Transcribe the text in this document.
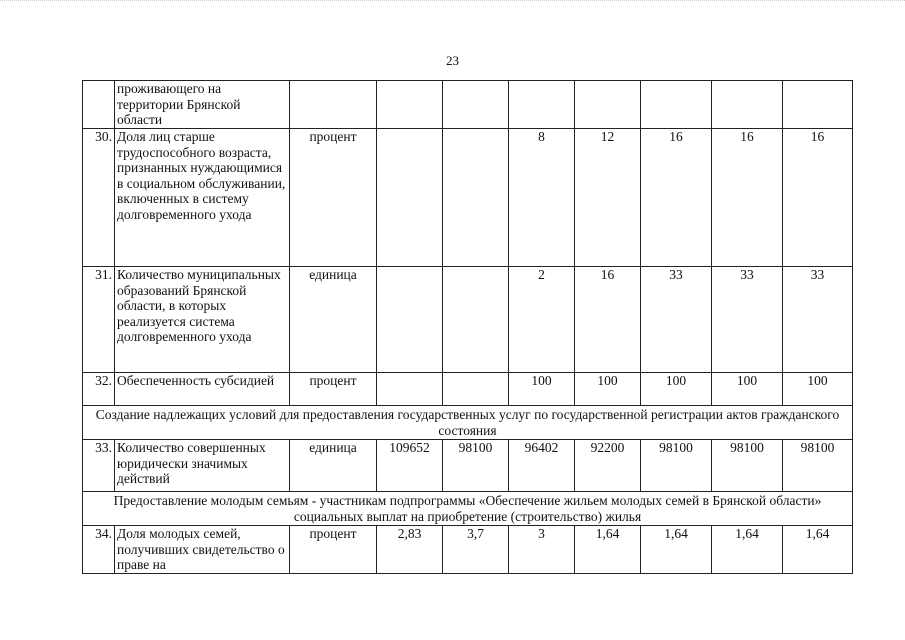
23
	проживающего на территории Брянской области								
30.	Доля лиц старше трудоспособного возраста, признанных нуждающимися в социальном обслуживании, включенных в систему долговременного ухода	процент			8	12	16	16	16
31.	Количество муниципальных образований Брянской области, в которых реализуется система долговременного ухода	единица			2	16	33	33	33
32.	Обеспеченность субсидией	процент			100	100	100	100	100
Создание надлежащих условий для предоставления государственных услуг по государственной регистрации актов гражданского состояния									
33.	Количество совершенных юридически значимых действий	единица	109652	98100	96402	92200	98100	98100	98100
Предоставление молодым семьям - участникам подпрограммы «Обеспечение жильем молодых семей в Брянской области» социальных выплат на приобретение (строительство) жилья									
34.	Доля молодых семей, получивших свидетельство о праве на	процент	2,83	3,7	3	1,64	1,64	1,64	1,64
